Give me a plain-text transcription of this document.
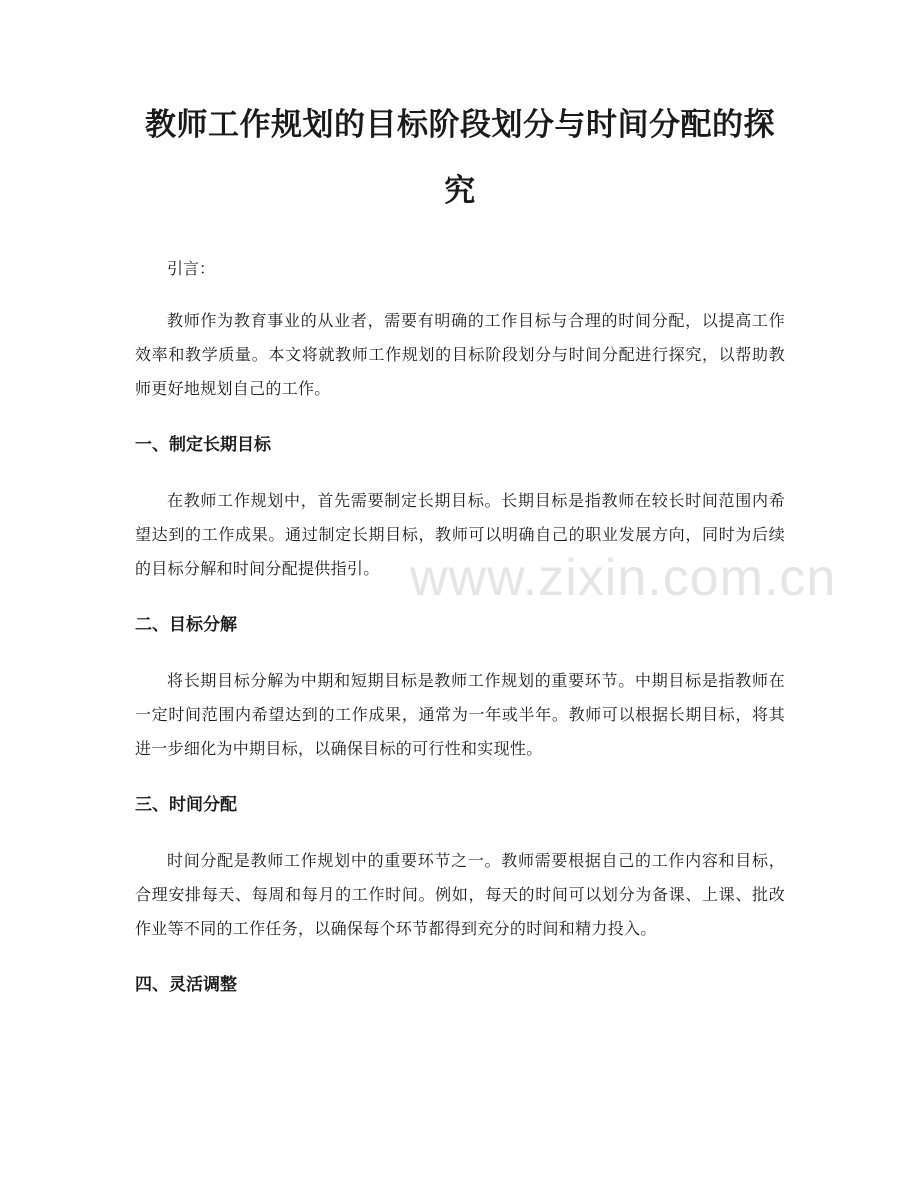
教师工作规划的目标阶段划分与时间分配的探究
引言：

教师作为教育事业的从业者，需要有明确的工作目标与合理的时间分配，以提高工作效率和教学质量。本文将就教师工作规划的目标阶段划分与时间分配进行探究，以帮助教师更好地规划自己的工作。

一、制定长期目标

在教师工作规划中，首先需要制定长期目标。长期目标是指教师在较长时间范围内希望达到的工作成果。通过制定长期目标，教师可以明确自己的职业发展方向，同时为后续的目标分解和时间分配提供指引。

二、目标分解

将长期目标分解为中期和短期目标是教师工作规划的重要环节。中期目标是指教师在一定时间范围内希望达到的工作成果，通常为一年或半年。教师可以根据长期目标，将其进一步细化为中期目标，以确保目标的可行性和实现性。

三、时间分配

时间分配是教师工作规划中的重要环节之一。教师需要根据自己的工作内容和目标，合理安排每天、每周和每月的工作时间。例如，每天的时间可以划分为备课、上课、批改作业等不同的工作任务，以确保每个环节都得到充分的时间和精力投入。

四、灵活调整
www.zixin.com.cn
